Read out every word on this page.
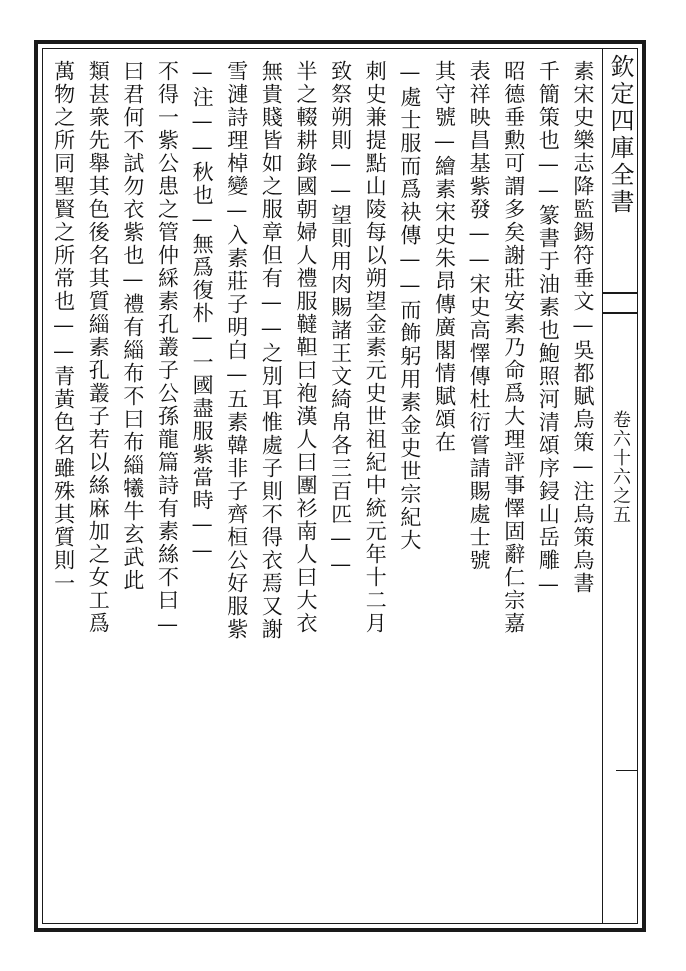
欽定四庫全書
卷六十六之五
素宋史樂志降監錫符垂文—吳都賦烏策—注烏策烏書
千簡策也——篆書于油素也鮑照河清頌序鋟山岳雕—
昭德垂勲可謂多矣謝莊安素乃命爲大理評事懌固辭仁宗嘉
表祥映昌基紫發——宋史高懌傳杜衍嘗請賜處士號
其守號—繪素宋史朱昂傳廣閣情賦頌在
—處士服而爲袂傳——而飾躬用素金史世宗紀大
刺史兼提點山陵每以朔望金素元史世祖紀中統元年十二月
致祭朔則——望則用肉賜諸王文綺帛各三百匹——
半之輟耕錄國朝婦人禮服韃靼曰袍漢人曰團衫南人曰大衣
無貴賤皆如之服章但有——之別耳惟處子則不得衣焉又謝
雪漣詩理棹變—入素莊子明白—五素韓非子齊桓公好服紫
—注——秋也—無爲復朴—一國盡服紫當時——
不得一紫公患之管仲綵素孔叢子公孫龍篇詩有素絲不曰—
曰君何不試勿衣紫也—禮有緇布不曰布緇犧牛玄武此
類甚衆先舉其色後名其質緇素孔叢子若以絲麻加之女工爲
萬物之所同聖賢之所常也——青黃色名雖殊其質則一
